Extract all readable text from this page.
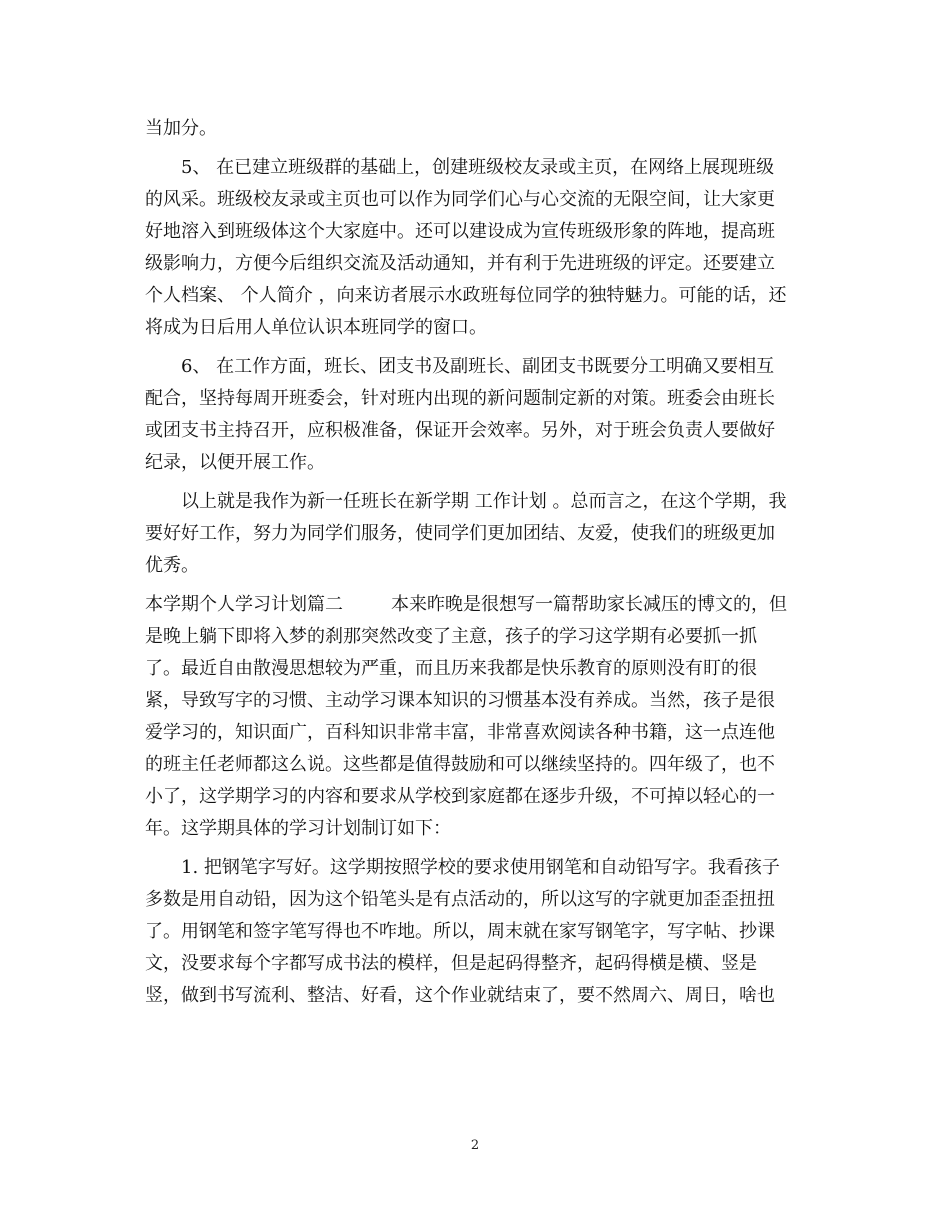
当加分。

5、 在已建立班级群的基础上，创建班级校友录或主页，在网络上展现班级
的风采。班级校友录或主页也可以作为同学们心与心交流的无限空间，让大家更
好地溶入到班级体这个大家庭中。还可以建设成为宣传班级形象的阵地，提高班
级影响力，方便今后组织交流及活动通知，并有利于先进班级的评定。还要建立
个人档案、 个人简介 ，向来访者展示水政班每位同学的独特魅力。可能的话，还
将成为日后用人单位认识本班同学的窗口。

6、 在工作方面，班长、团支书及副班长、副团支书既要分工明确又要相互
配合，坚持每周开班委会，针对班内出现的新问题制定新的对策。班委会由班长
或团支书主持召开，应积极准备，保证开会效率。另外，对于班会负责人要做好
纪录，以便开展工作。

以上就是我作为新一任班长在新学期 工作计划 。总而言之，在这个学期，我
要好好工作，努力为同学们服务，使同学们更加团结、友爱，使我们的班级更加
优秀。

本学期个人学习计划篇二	本来昨晚是很想写一篇帮助家长减压的博文的，但
是晚上躺下即将入梦的刹那突然改变了主意，孩子的学习这学期有必要抓一抓
了。最近自由散漫思想较为严重，而且历来我都是快乐教育的原则没有盯的很
紧，导致写字的习惯、主动学习课本知识的习惯基本没有养成。当然，孩子是很
爱学习的，知识面广，百科知识非常丰富，非常喜欢阅读各种书籍，这一点连他
的班主任老师都这么说。这些都是值得鼓励和可以继续坚持的。四年级了，也不
小了，这学期学习的内容和要求从学校到家庭都在逐步升级，不可掉以轻心的一
年。这学期具体的学习计划制订如下：

1. 把钢笔字写好。这学期按照学校的要求使用钢笔和自动铅写字。我看孩子
多数是用自动铅，因为这个铅笔头是有点活动的，所以这写的字就更加歪歪扭扭
了。用钢笔和签字笔写得也不咋地。所以，周末就在家写钢笔字，写字帖、抄课
文，没要求每个字都写成书法的模样，但是起码得整齐，起码得横是横、竖是
竖，做到书写流利、整洁、好看，这个作业就结束了，要不然周六、周日，啥也

2
